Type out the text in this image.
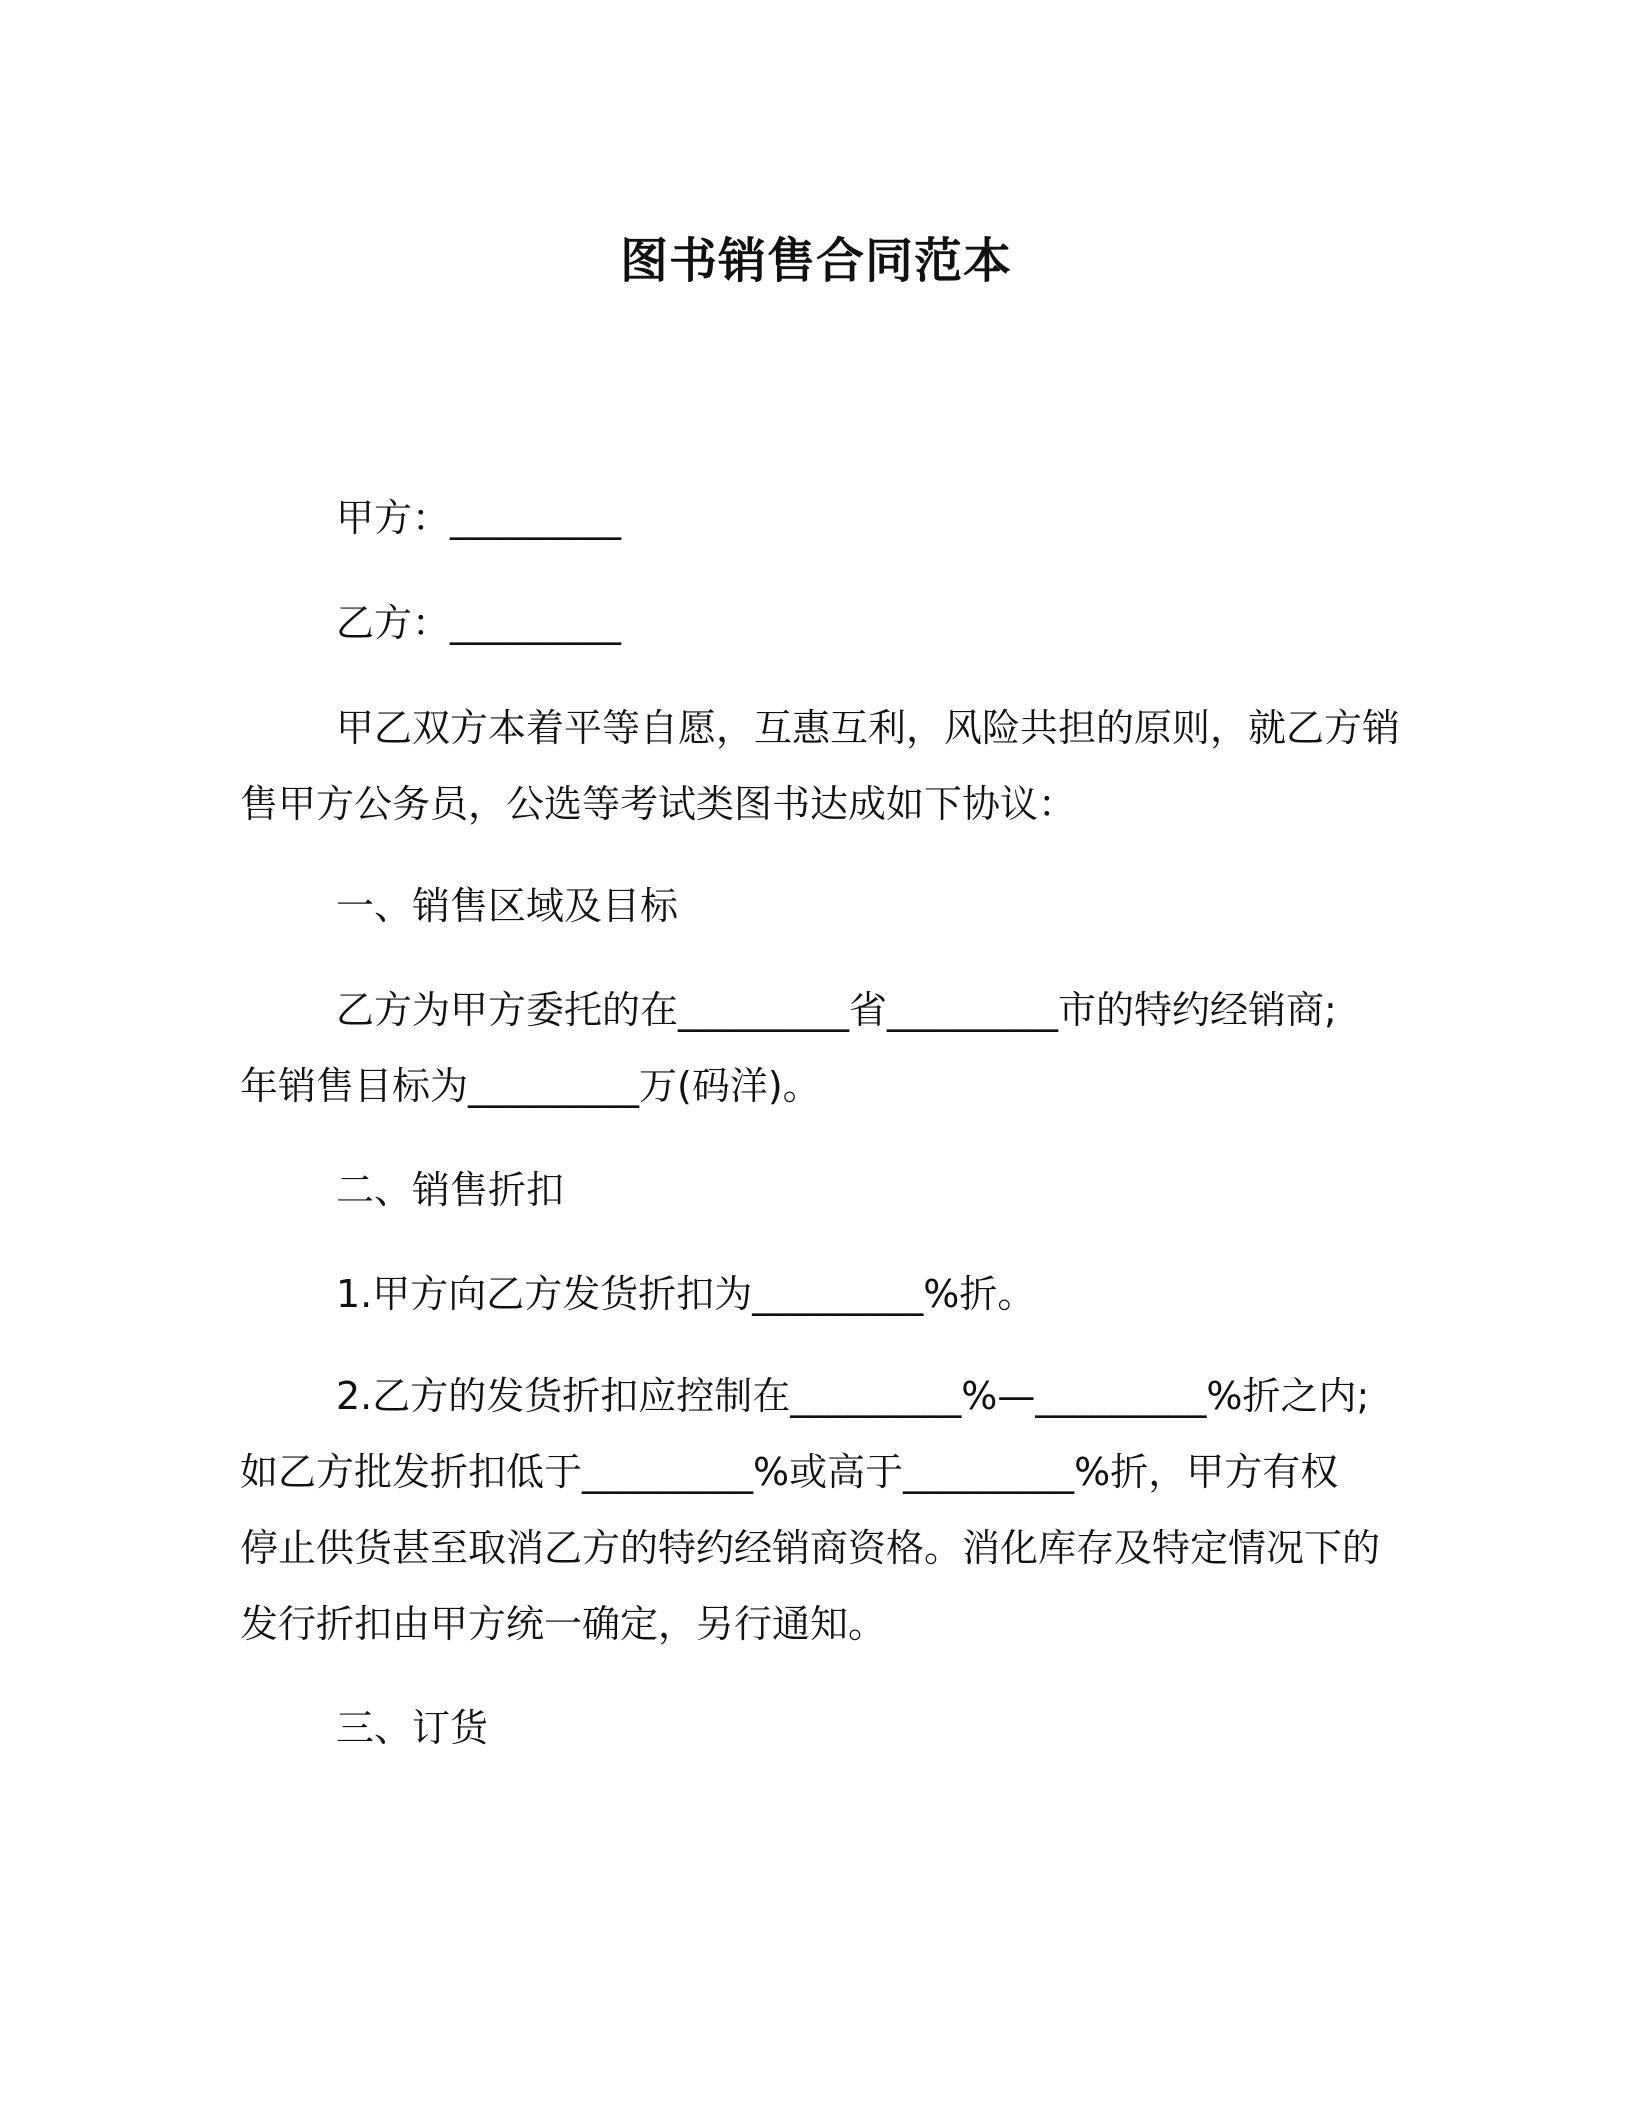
图书销售合同范本

甲方：_________

乙方：_________

甲乙双方本着平等自愿，互惠互利，风险共担的原则，就乙方销

售甲方公务员，公选等考试类图书达成如下协议：

一、销售区域及目标

乙方为甲方委托的在_________省_________市的特约经销商;

年销售目标为_________万(码洋)。

二、销售折扣

1.甲方向乙方发货折扣为_________%折。

2.乙方的发货折扣应控制在_________%—_________%折之内;

如乙方批发折扣低于_________%或高于_________%折，甲方有权

停止供货甚至取消乙方的特约经销商资格。消化库存及特定情况下的

发行折扣由甲方统一确定，另行通知。

三、订货
